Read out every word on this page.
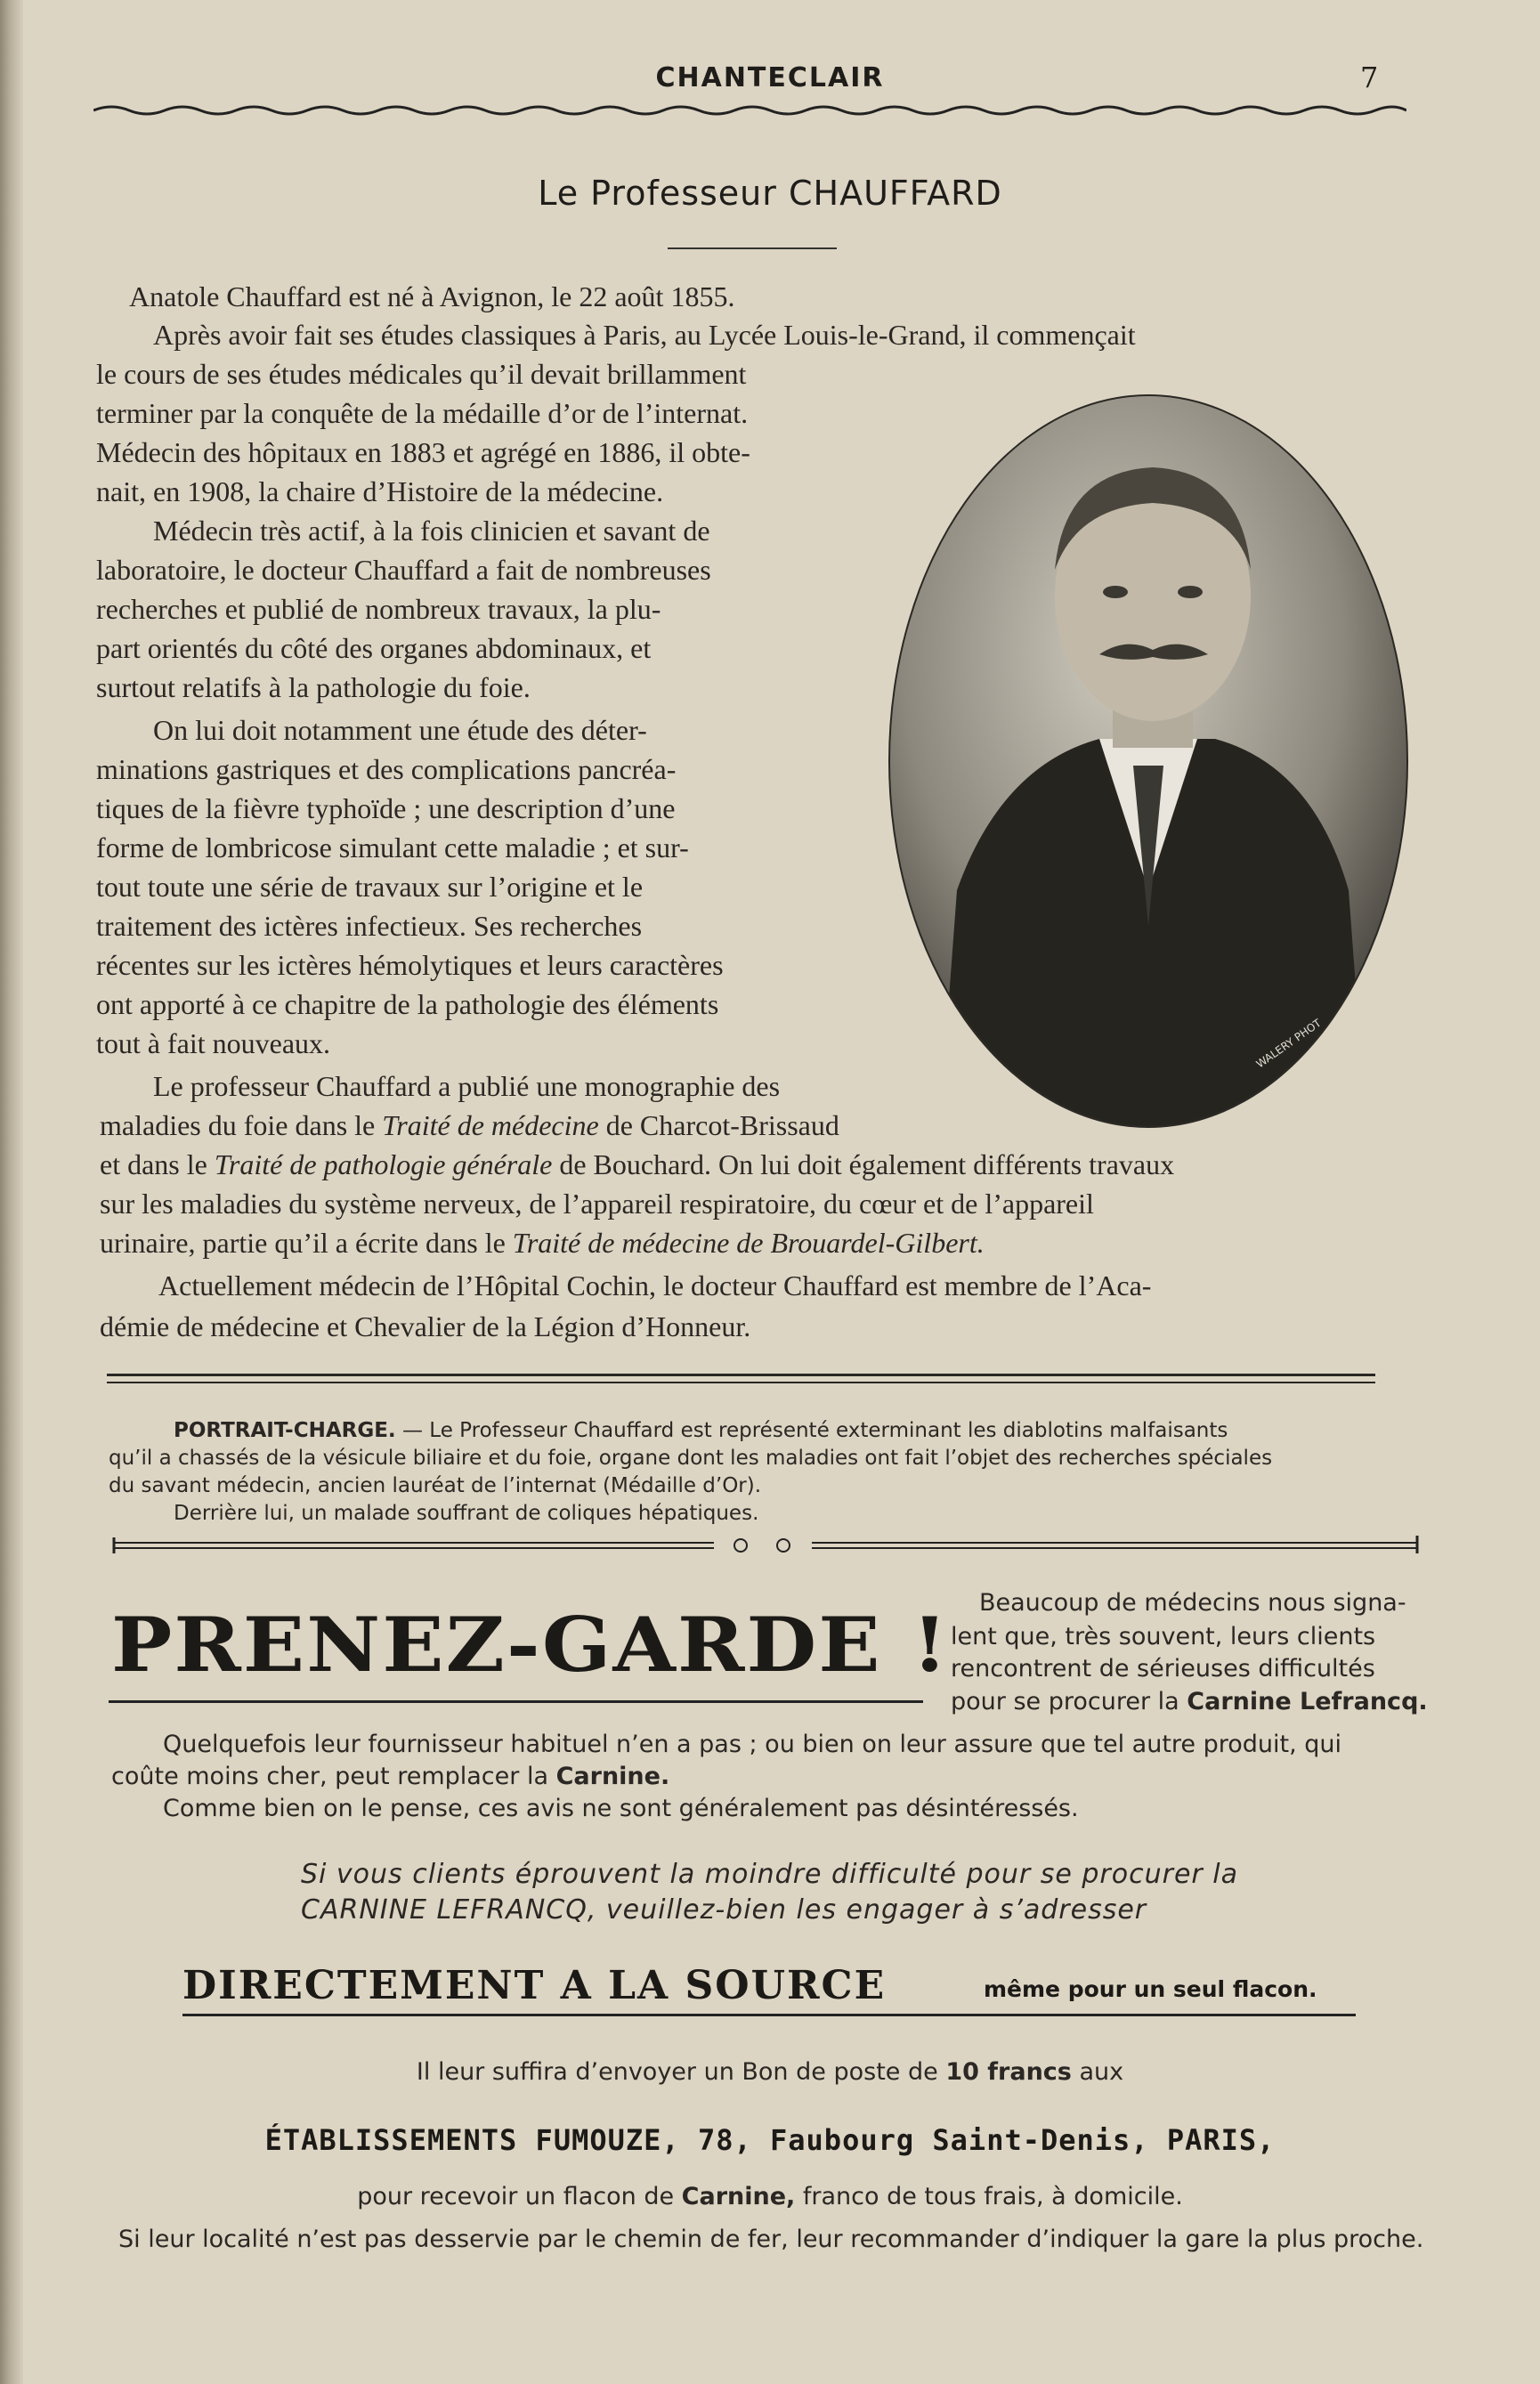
CHANTECLAIR	7
Le Professeur CHAUFFARD
WALERY PHOT
Anatole Chauffard est né à Avignon, le 22 août 1855.
Après avoir fait ses études classiques à Paris, au Lycée Louis-le-Grand, il commençait
le cours de ses études médicales qu’il devait brillamment
terminer par la conquête de la médaille d’or de l’internat.
Médecin des hôpitaux en 1883 et agrégé en 1886, il obte-
nait, en 1908, la chaire d’Histoire de la médecine.
Médecin très actif, à la fois clinicien et savant de
laboratoire, le docteur Chauffard a fait de nombreuses
recherches et publié de nombreux travaux, la plu-
part orientés du côté des organes abdominaux, et
surtout relatifs à la pathologie du foie.
On lui doit notamment une étude des déter-
minations gastriques et des complications pancréa-
tiques de la fièvre typhoïde ; une description d’une
forme de lombricose simulant cette maladie ; et sur-
tout toute une série de travaux sur l’origine et le
traitement des ictères infectieux. Ses recherches
récentes sur les ictères hémolytiques et leurs caractères
ont apporté à ce chapitre de la pathologie des éléments
tout à fait nouveaux.
Le professeur Chauffard a publié une monographie des
maladies du foie dans le Traité de médecine de Charcot-Brissaud
et dans le Traité de pathologie générale de Bouchard. On lui doit également différents travaux
sur les maladies du système nerveux, de l’appareil respiratoire, du cœur et de l’appareil
urinaire, partie qu’il a écrite dans le Traité de médecine de Brouardel-Gilbert.
Actuellement médecin de l’Hôpital Cochin, le docteur Chauffard est membre de l’Aca-
démie de médecine et Chevalier de la Légion d’Honneur.
PORTRAIT-CHARGE. — Le Professeur Chauffard est représenté exterminant les diablotins malfaisants
qu’il a chassés de la vésicule biliaire et du foie, organe dont les maladies ont fait l’objet des recherches spéciales
du savant médecin, ancien lauréat de l’internat (Médaille d’Or).
Derrière lui, un malade souffrant de coliques hépatiques.
PRENEZ-GARDE ! Beaucoup de médecins nous signa-
lent que, très souvent, leurs clients
rencontrent de sérieuses difficultés
pour se procurer la Carnine Lefrancq.
Quelquefois leur fournisseur habituel n’en a pas ; ou bien on leur assure que tel autre produit, qui
coûte moins cher, peut remplacer la Carnine.
Comme bien on le pense, ces avis ne sont généralement pas désintéressés.
Si vous clients éprouvent la moindre difficulté pour se procurer la
CARNINE LEFRANCQ, veuillez-bien les engager à s’adresser
DIRECTEMENT A LA SOURCE	même pour un seul flacon.
Il leur suffira d’envoyer un Bon de poste de 10 francs aux
ÉTABLISSEMENTS FUMOUZE, 78, Faubourg Saint-Denis, PARIS,
pour recevoir un flacon de Carnine, franco de tous frais, à domicile.
Si leur localité n’est pas desservie par le chemin de fer, leur recommander d’indiquer la gare la plus proche.
